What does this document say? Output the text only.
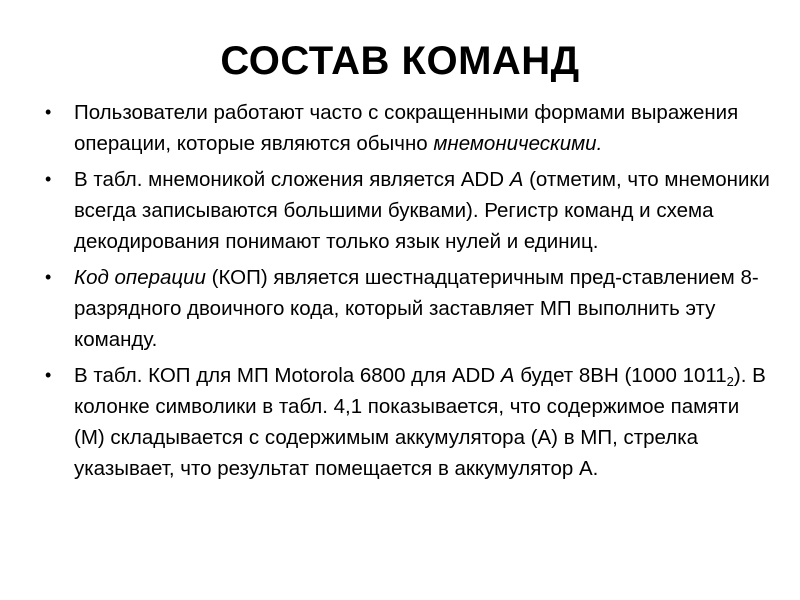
СОСТАВ КОМАНД
• Пользователи работают часто с сокращенными формами выражения операции, которые являются обычно мнемоническими.
• В табл. мнемоникой сложения является ADD А (отметим, что мнемоники всегда записываются большими буквами). Регистр команд и схема декодирования понимают только язык нулей и единиц.
• Код операции (КОП) является шестнадцатеричным пред-ставлением 8-разрядного двоичного кода, который заставляет МП выполнить эту команду.
• В табл. КОП для МП Motorola 6800 для ADD А будет 8ВН (1000 $1011_2$). В колонке символики в табл. 4,1 показывается, что содержимое памяти (М) складывается с содержимым аккумулятора (А) в МП, стрелка указывает, что результат помещается в аккумулятор А.
